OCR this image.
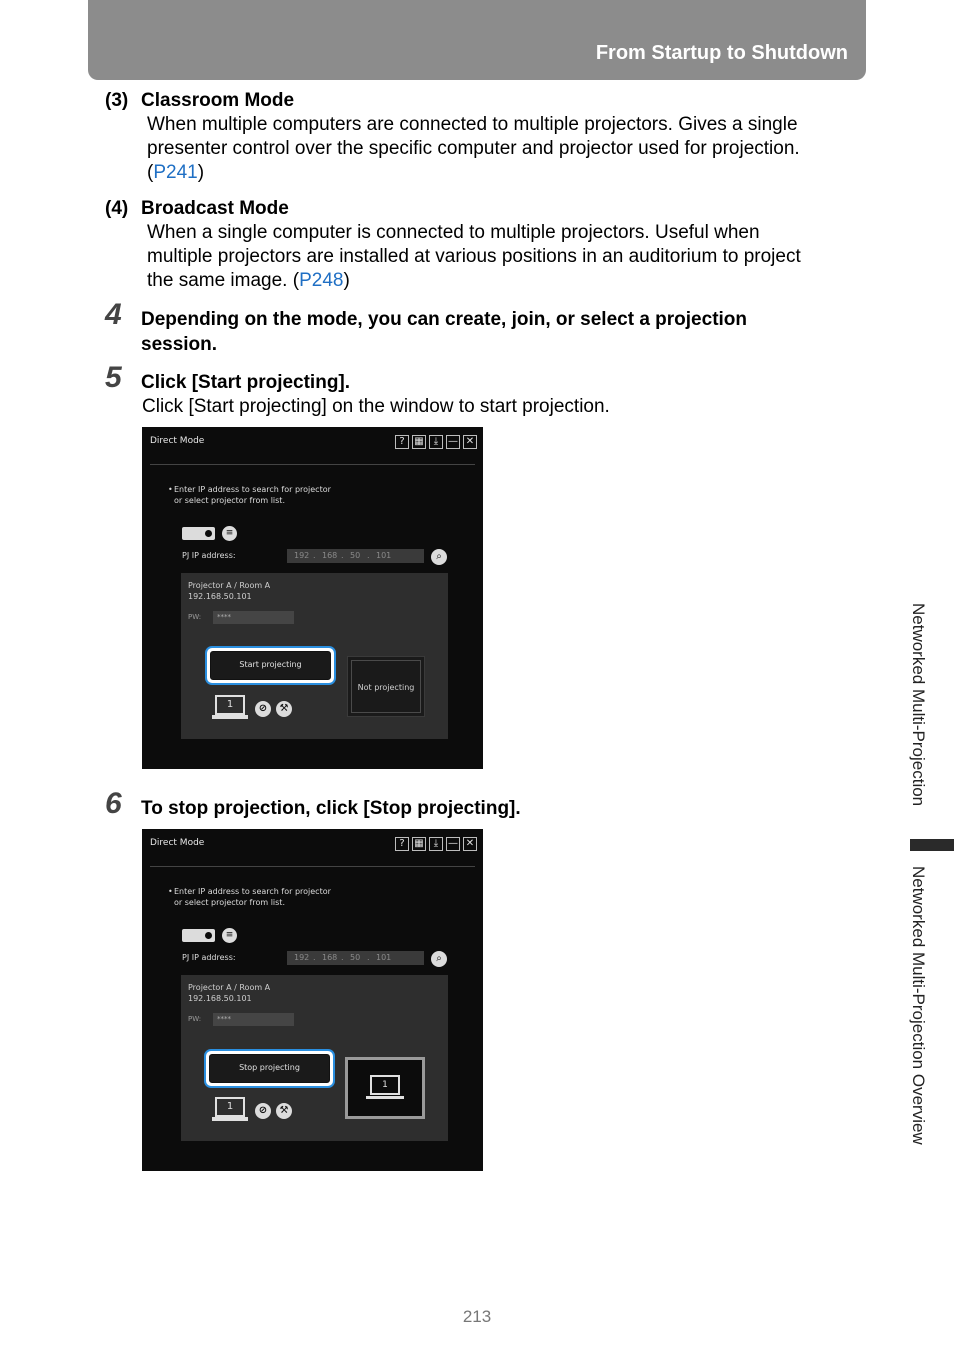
From Startup to Shutdown
(3) Classroom Mode
When multiple computers are connected to multiple projectors. Gives a single
presenter control over the specific computer and projector used for projection.
(P241)
(4) Broadcast Mode
When a single computer is connected to multiple projectors. Useful when
multiple projectors are installed at various positions in an auditorium to project
the same image. (P248)
4 Depending on the mode, you can create, join, or select a projection
session.
5 Click [Start projecting].
Click [Start projecting] on the window to start projection.
Direct Mode	? ▦	⤓ — ✕
• Enter IP address to search for projector
or select projector from list.
≡
PJ IP address:	192 . 168 . 50 . 101	⌕
Projector A / Room A
192.168.50.101
PW:	****
Start projecting
Not projecting
1	⊘	⚒
6 To stop projection, click [Stop projecting].
Direct Mode	? ▦	⤓ — ✕
• Enter IP address to search for projector
or select projector from list.
≡
PJ IP address:	192 . 168 . 50 . 101	⌕
Projector A / Room A
192.168.50.101
PW:	****
Stop projecting
1
1	⊘	⚒
Networked Multi-Projection
Networked Multi-Projection Overview
213
